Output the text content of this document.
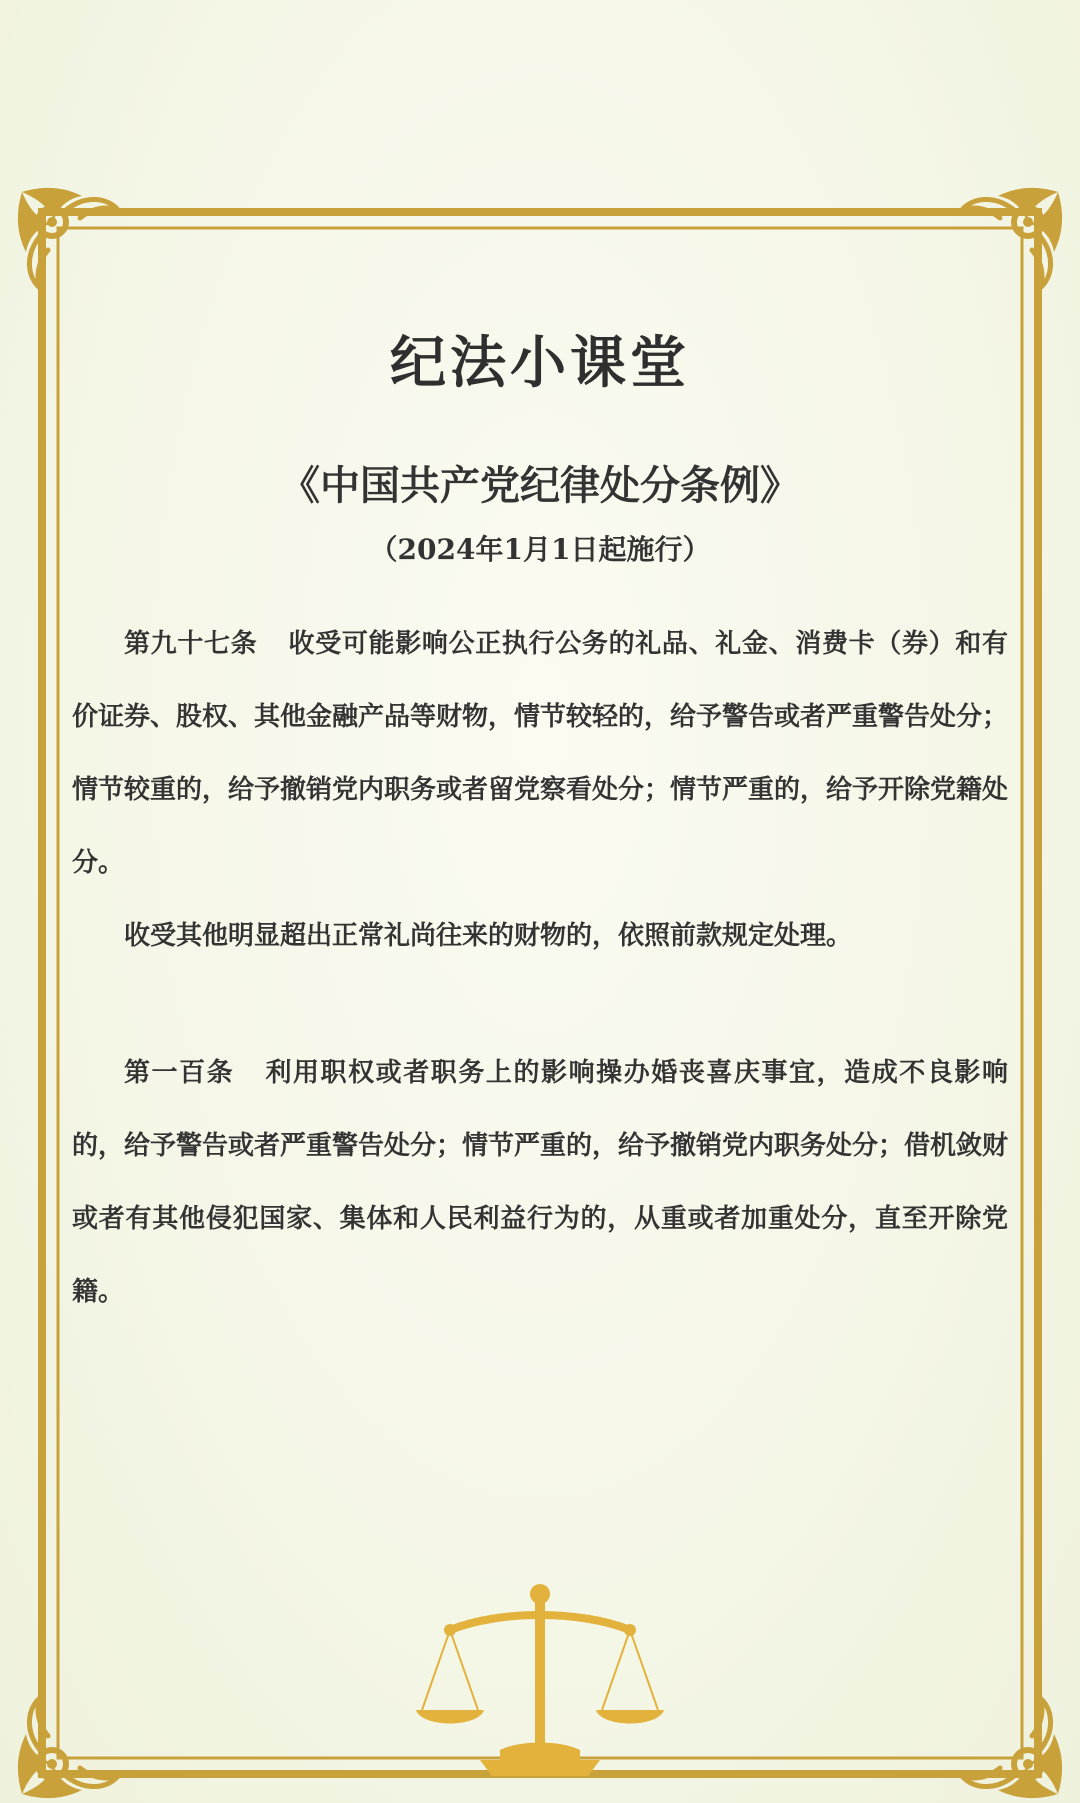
纪法小课堂
《中国共产党纪律处分条例》
（2024年1月1日起施行）

第九十七条 收受可能影响公正执行公务的礼品、礼金、消费卡（券）和有价证券、股权、其他金融产品等财物，情节较轻的，给予警告或者严重警告处分；情节较重的，给予撤销党内职务或者留党察看处分；情节严重的，给予开除党籍处分。

收受其他明显超出正常礼尚往来的财物的，依照前款规定处理。

第一百条 利用职权或者职务上的影响操办婚丧喜庆事宜，造成不良影响的，给予警告或者严重警告处分；情节严重的，给予撤销党内职务处分；借机敛财或者有其他侵犯国家、集体和人民利益行为的，从重或者加重处分，直至开除党籍。
